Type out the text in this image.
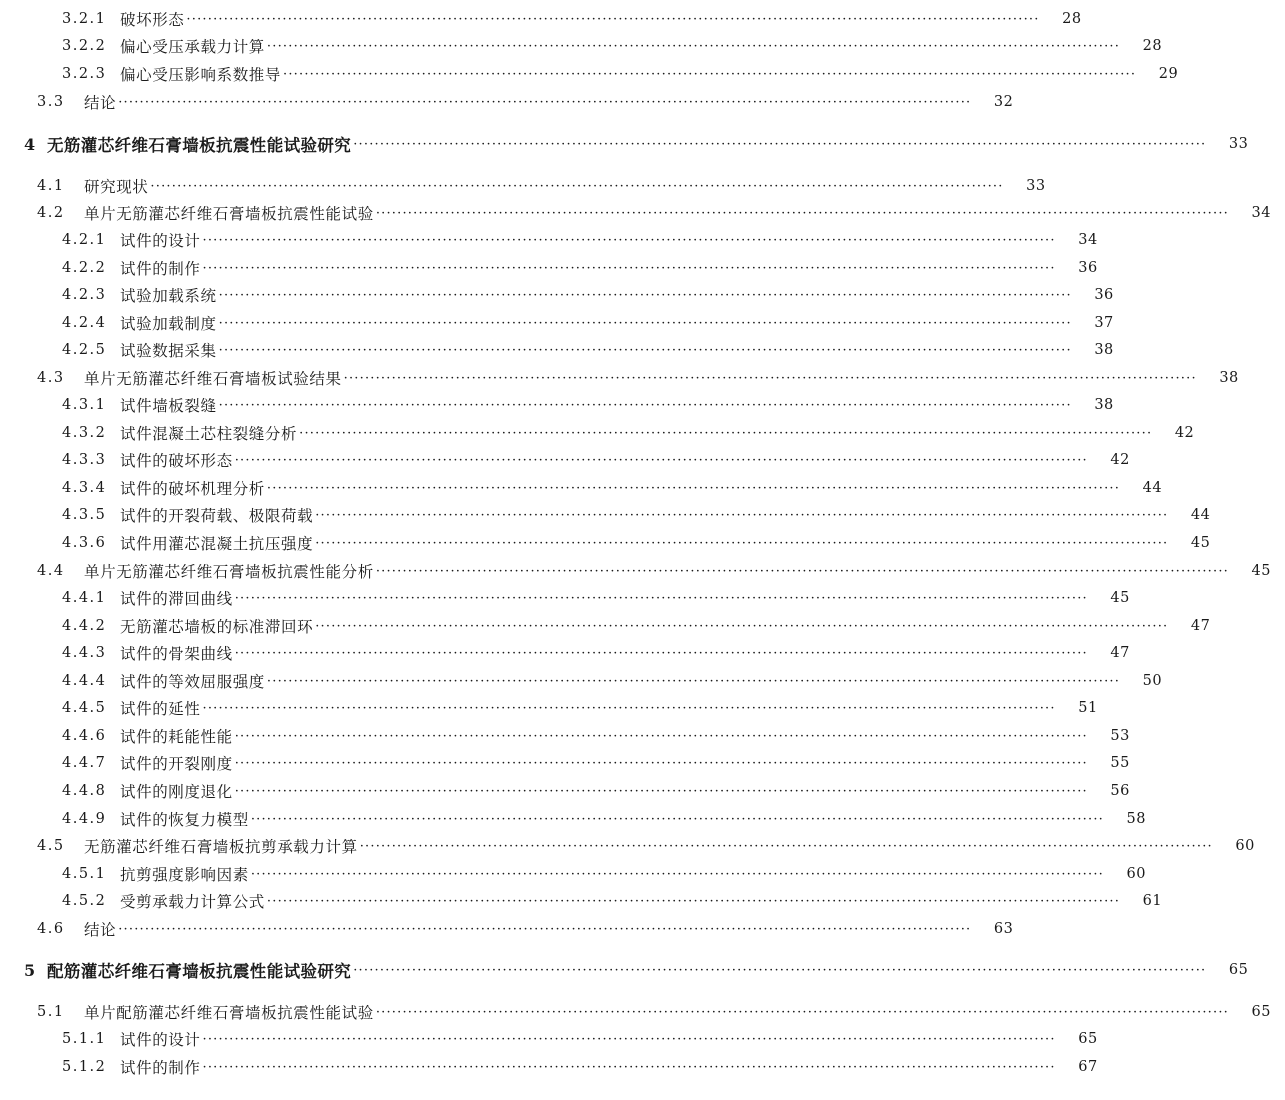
3.2.1 破坏形态 ································································································································································	28
3.2.2 偏心受压承载力计算 ································································································································································	28
3.2.3 偏心受压影响系数推导 ································································································································································	29
3.3 结论 ································································································································································	32
4 无筋灌芯纤维石膏墙板抗震性能试验研究 ································································································································································	33
4.1 研究现状 ································································································································································	33
4.2 单片无筋灌芯纤维石膏墙板抗震性能试验 ································································································································································	34
4.2.1 试件的设计 ································································································································································	34
4.2.2 试件的制作 ································································································································································	36
4.2.3 试验加载系统 ································································································································································	36
4.2.4 试验加载制度 ································································································································································	37
4.2.5 试验数据采集 ································································································································································	38
4.3 单片无筋灌芯纤维石膏墙板试验结果 ································································································································································	38
4.3.1 试件墙板裂缝 ································································································································································	38
4.3.2 试件混凝土芯柱裂缝分析 ································································································································································	42
4.3.3 试件的破坏形态 ································································································································································	42
4.3.4 试件的破坏机理分析 ································································································································································	44
4.3.5 试件的开裂荷载、极限荷载 ································································································································································	44
4.3.6 试件用灌芯混凝土抗压强度 ································································································································································	45
4.4 单片无筋灌芯纤维石膏墙板抗震性能分析 ································································································································································	45
4.4.1 试件的滞回曲线 ································································································································································	45
4.4.2 无筋灌芯墙板的标准滞回环 ································································································································································	47
4.4.3 试件的骨架曲线 ································································································································································	47
4.4.4 试件的等效屈服强度 ································································································································································	50
4.4.5 试件的延性 ································································································································································	51
4.4.6 试件的耗能性能 ································································································································································	53
4.4.7 试件的开裂刚度 ································································································································································	55
4.4.8 试件的刚度退化 ································································································································································	56
4.4.9 试件的恢复力模型 ································································································································································	58
4.5 无筋灌芯纤维石膏墙板抗剪承载力计算 ································································································································································	60
4.5.1 抗剪强度影响因素 ································································································································································	60
4.5.2 受剪承载力计算公式 ································································································································································	61
4.6 结论 ································································································································································	63
5 配筋灌芯纤维石膏墙板抗震性能试验研究 ································································································································································	65
5.1 单片配筋灌芯纤维石膏墙板抗震性能试验 ································································································································································	65
5.1.1 试件的设计 ································································································································································	65
5.1.2 试件的制作 ································································································································································	67
